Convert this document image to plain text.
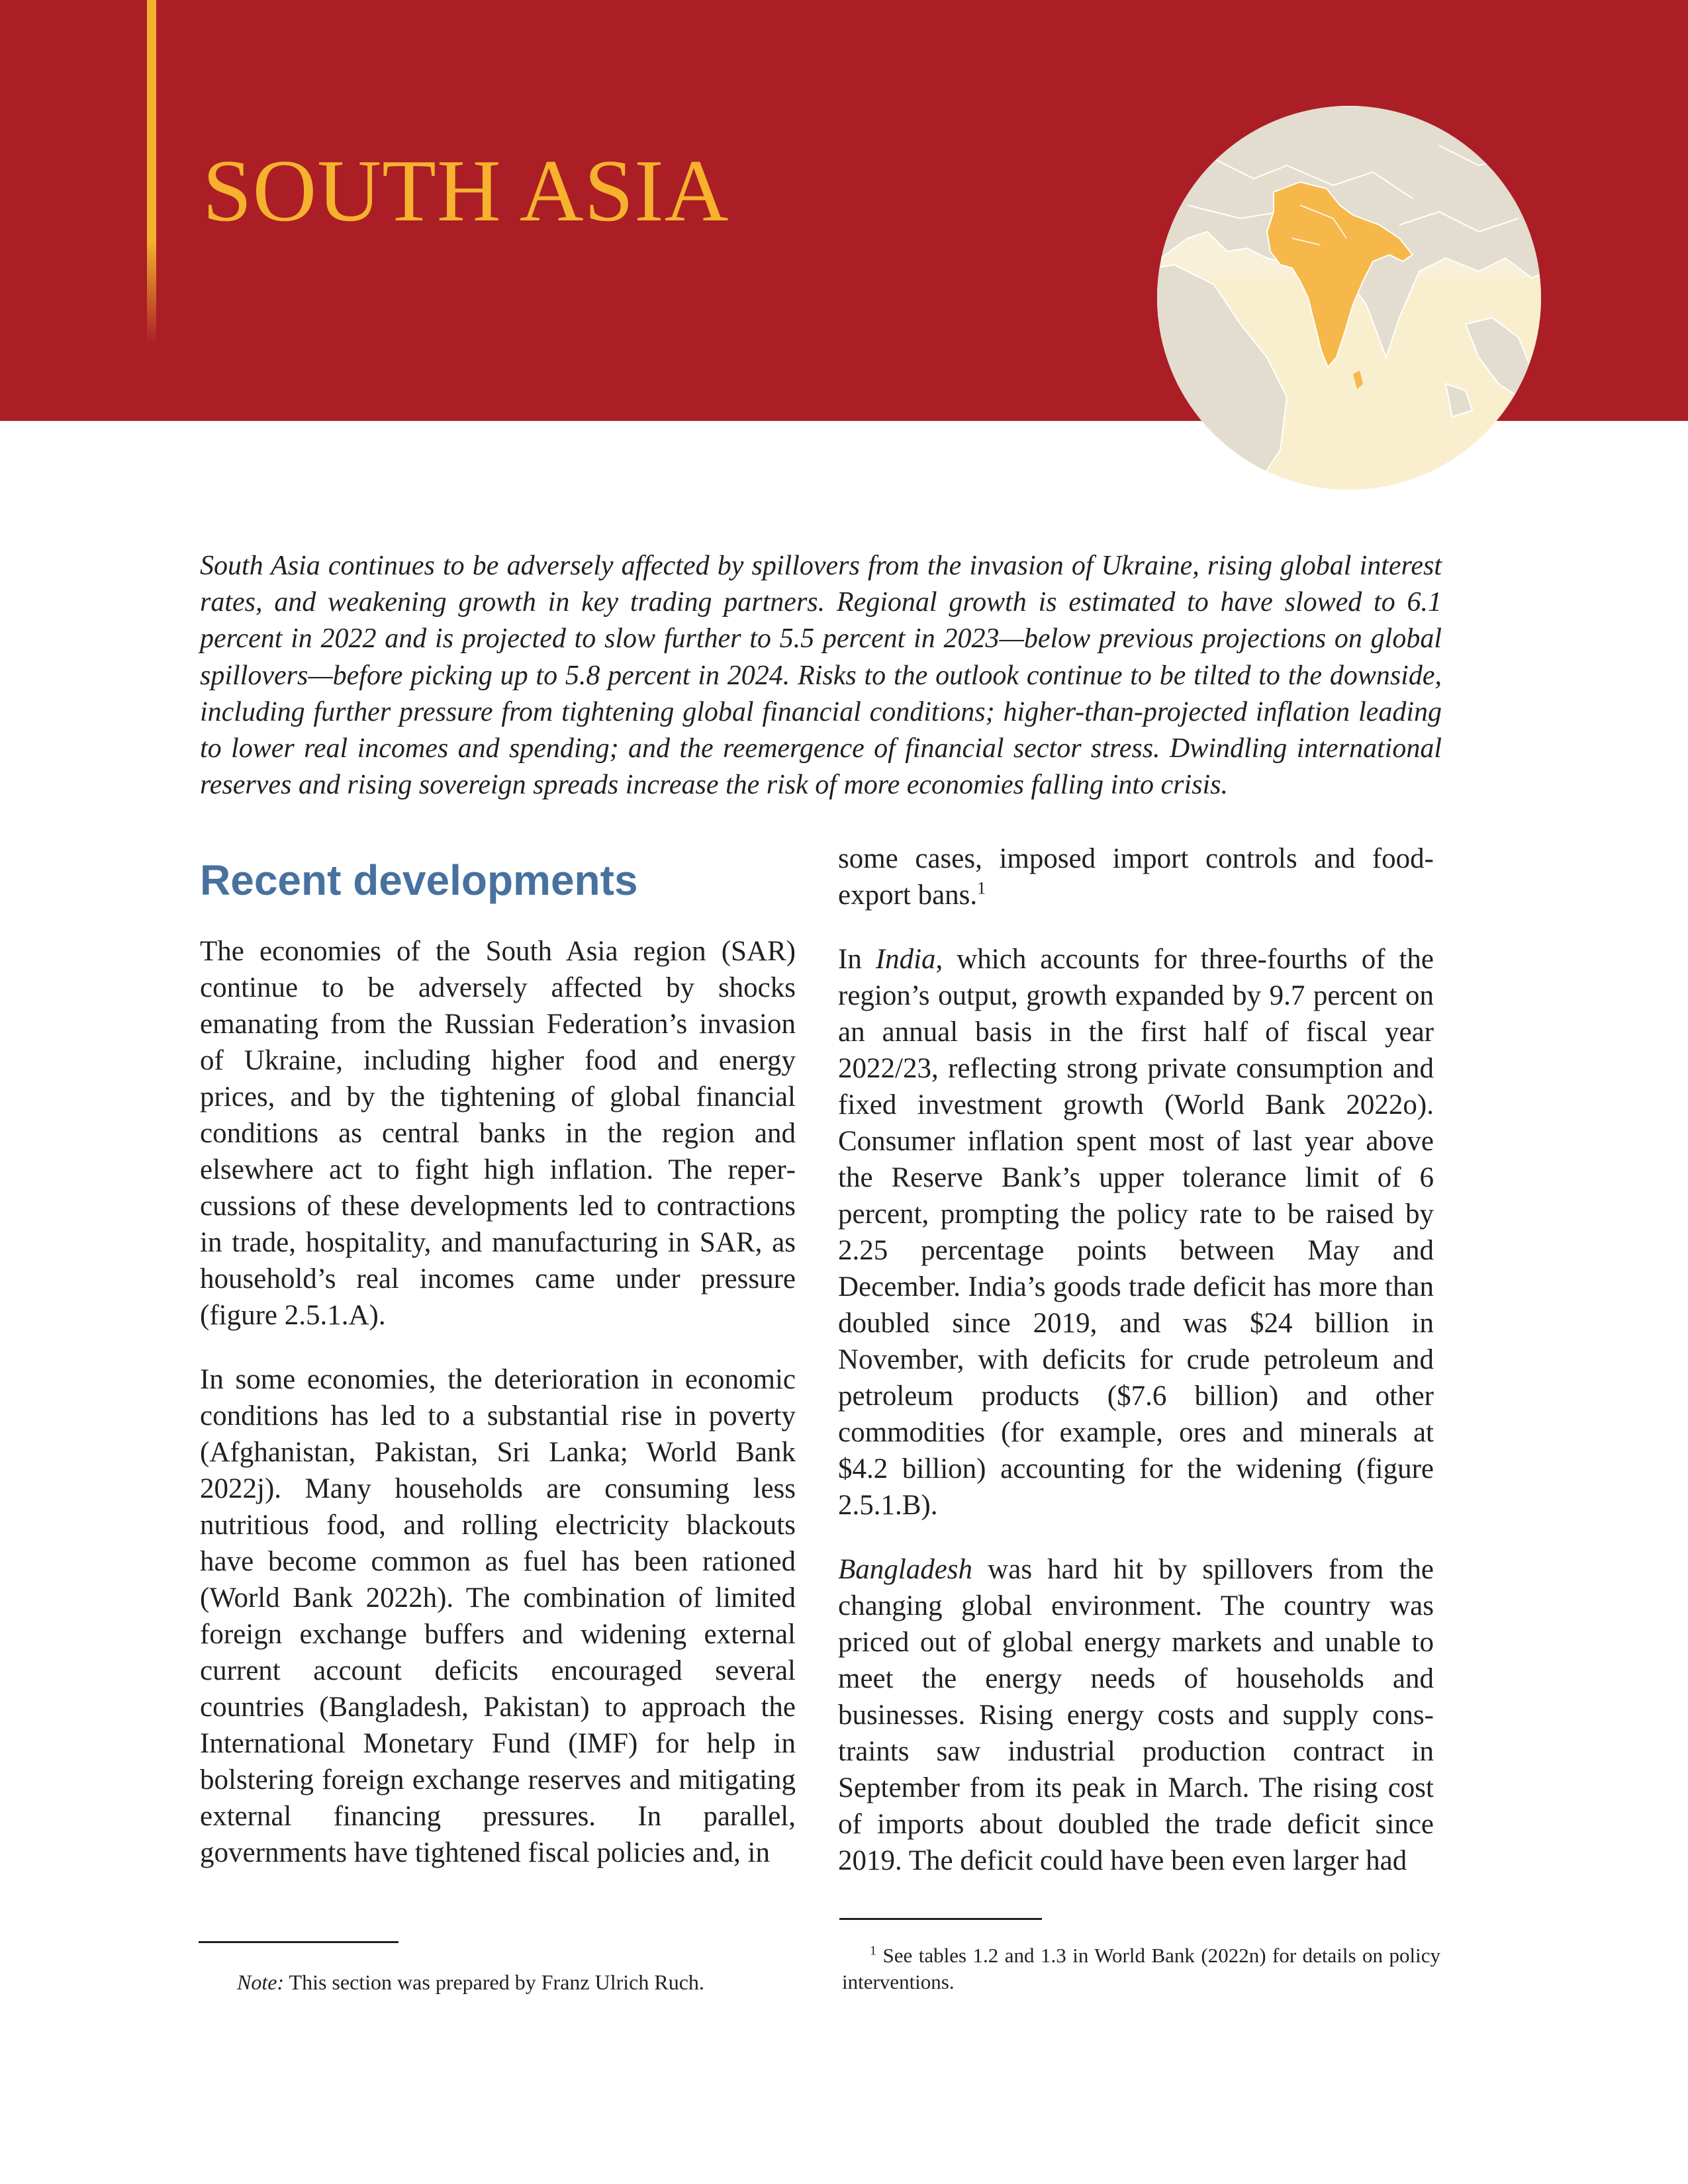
SOUTH ASIA

South Asia continues to be adversely affected by spillovers from the invasion of Ukraine, rising global interest rates, and weakening growth in key trading partners. Regional growth is estimated to have slowed to 6.1 percent in 2022 and is projected to slow further to 5.5 percent in 2023—below previous projections on global spillovers—before picking up to 5.8 percent in 2024. Risks to the outlook continue to be tilted to the downside, including further pressure from tightening global financial conditions; higher-than-projected inflation leading to lower real incomes and spending; and the reemergence of financial sector stress. Dwindling international reserves and rising sovereign spreads increase the risk of more economies falling into crisis.

Recent developments

The economies of the South Asia region (SAR) continue to be adversely affected by shocks emanating from the Russian Federation’s invasion of Ukraine, including higher food and energy prices, and by the tightening of global financial conditions as central banks in the region and elsewhere act to fight high inflation. The repercussions of these developments led to contractions in trade, hospitality, and manufacturing in SAR, as household’s real incomes came under pressure (figure 2.5.1.A).

In some economies, the deterioration in economic conditions has led to a substantial rise in poverty (Afghanistan, Pakistan, Sri Lanka; World Bank 2022j). Many households are consuming less nutritious food, and rolling electricity blackouts have become common as fuel has been rationed (World Bank 2022h). The combination of limited foreign exchange buffers and widening external current account deficits encouraged several countries (Bangladesh, Pakistan) to approach the International Monetary Fund (IMF) for help in bolstering foreign exchange reserves and mitigating external financing pressures. In parallel, governments have tightened fiscal policies and, in

some cases, imposed import controls and food-export bans.$^1$

In India, which accounts for three-fourths of the region’s output, growth expanded by 9.7 percent on an annual basis in the first half of fiscal year 2022/23, reflecting strong private consumption and fixed investment growth (World Bank 2022o). Consumer inflation spent most of last year above the Reserve Bank’s upper tolerance limit of 6 percent, prompting the policy rate to be raised by 2.25 percentage points between May and December. India’s goods trade deficit has more than doubled since 2019, and was $24 billion in November, with deficits for crude petroleum and petroleum products ($7.6 billion) and other commodities (for example, ores and minerals at $4.2 billion) accounting for the widening (figure 2.5.1.B).

Bangladesh was hard hit by spillovers from the changing global environment. The country was priced out of global energy markets and unable to meet the energy needs of households and businesses. Rising energy costs and supply constraints saw industrial production contract in September from its peak in March. The rising cost of imports about doubled the trade deficit since 2019. The deficit could have been even larger had

Note: This section was prepared by Franz Ulrich Ruch.

$^1$ See tables 1.2 and 1.3 in World Bank (2022n) for details on policy interventions.
